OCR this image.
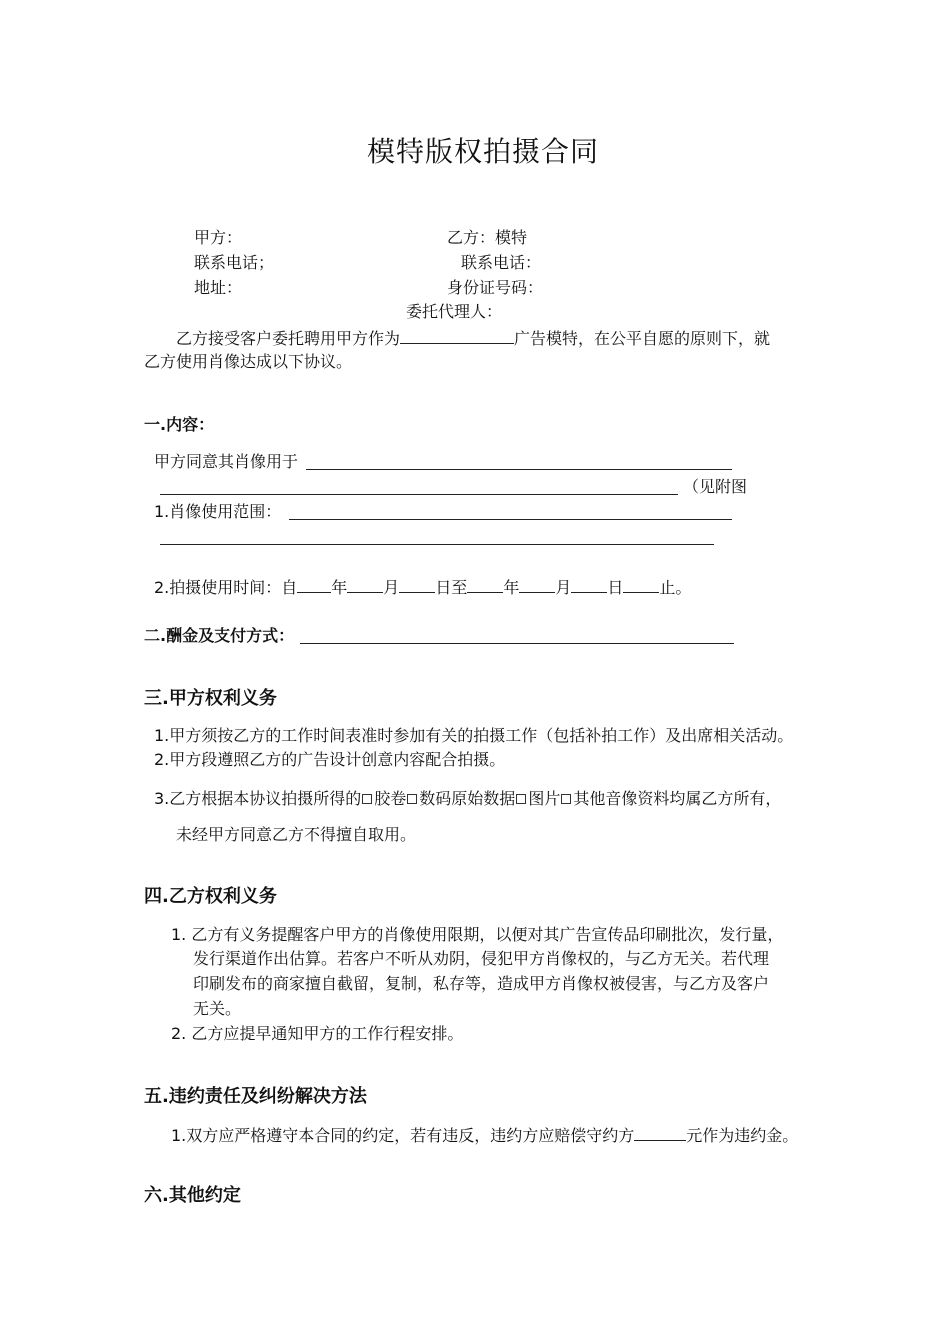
模特版权拍摄合同
甲方：	乙方：模特
联系电话；	联系电话：
地址：	身份证号码：
委托代理人：
乙方接受客户委托聘用甲方作为	广告模特，在公平自愿的原则下，就
乙方使用肖像达成以下协议。
一.内容：
甲方同意其肖像用于
（见附图
1.肖像使用范围：
2.拍摄使用时间：自 年 月 日至 年 月 日 止。
二.酬金及支付方式：
三.甲方权利义务
1.甲方须按乙方的工作时间表准时参加有关的拍摄工作（包括补拍工作）及出席相关活动。
2.甲方段遵照乙方的广告设计创意内容配合拍摄。
3.乙方根据本协议拍摄所得的 胶卷 数码原始数据 图片 其他音像资料均属乙方所有，
未经甲方同意乙方不得擅自取用。
四.乙方权利义务
1. 乙方有义务提醒客户甲方的肖像使用限期，以便对其广告宣传品印刷批次，发行量，
发行渠道作出估算。若客户不听从劝阴，侵犯甲方肖像权的，与乙方无关。若代理
印刷发布的商家擅自截留，复制，私存等，造成甲方肖像权被侵害，与乙方及客户
无关。
2. 乙方应提早通知甲方的工作行程安排。
五.违约责任及纠纷解决方法
1.双方应严格遵守本合同的约定，若有违反，违约方应赔偿守约方	元作为违约金。
六.其他约定
